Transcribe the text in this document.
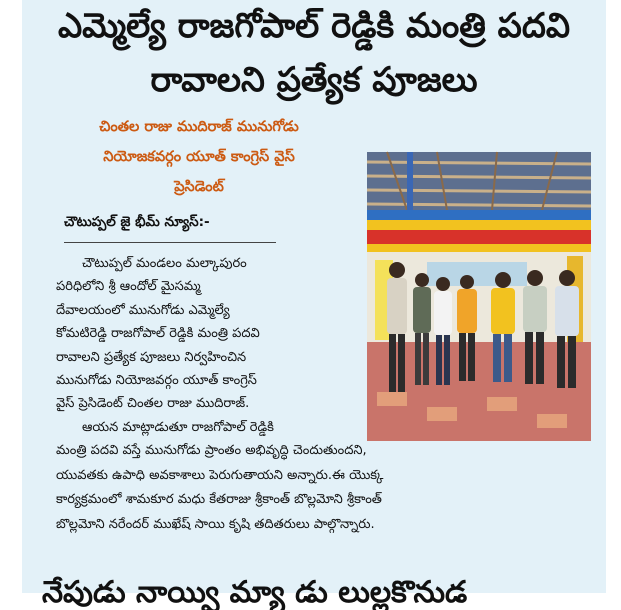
ఎమ్మెల్యే రాజగోపాల్ రెడ్డికి మంత్రి పదవి
రావాలని ప్రత్యేక పూజలు
చింతల రాజు ముదిరాజ్ మునుగోడు
నియోజకవర్గం యూత్ కాంగ్రెస్ వైస్
ప్రెసిడెంట్
చౌటుప్పల్ జై భీమ్ న్యూస్:-
చౌటుప్పల్ మండలం మల్కాపురం
పరిధిలోని శ్రీ ఆందోల్ మైసమ్మ
దేవాలయంలో మునుగోడు ఎమ్మెల్యే
కోమటిరెడ్డి రాజగోపాల్ రెడ్డికి మంత్రి పదవి
రావాలని ప్రత్యేక పూజలు నిర్వహించిన
మునుగోడు నియోజవర్గం యూత్ కాంగ్రెస్
వైస్ ప్రెసిడెంట్ చింతల రాజు ముదిరాజ్.
ఆయన మాట్లాడుతూ రాజగోపాల్ రెడ్డికి
మంత్రి పదవి వస్తే మునుగోడు ప్రాంతం అభివృద్ధి చెందుతుందని,
యువతకు ఉపాధి అవకాశాలు పెరుగుతాయని అన్నారు.ఈ యొక్క
కార్యక్రమంలో శామకూర మధు కేతరాజు శ్రీకాంత్ బొల్లమోని శ్రీకాంత్
బొల్లమోని నరేందర్ ముఖేష్ సాయి కృషి తదితరులు పాల్గొన్నారు.
నేపుడు నాయ్వి మ్యా డు లుల్లకొనుడ
